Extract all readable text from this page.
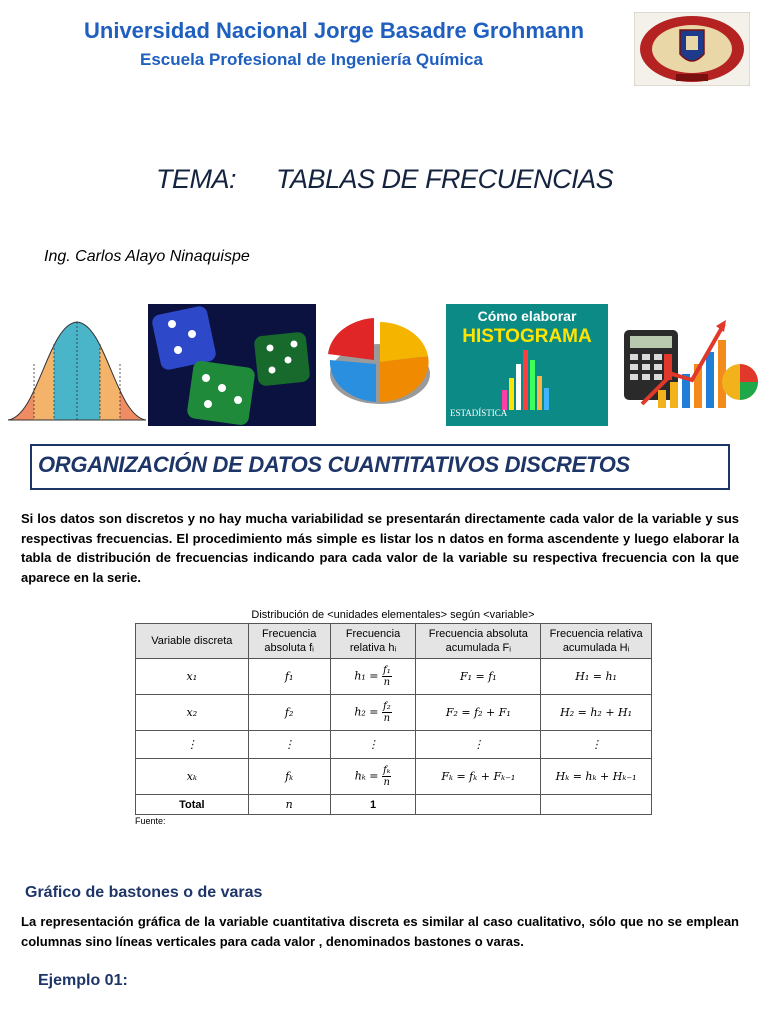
Universidad Nacional Jorge Basadre Grohmann
Escuela Profesional de Ingeniería Química
TEMA: TABLAS DE FRECUENCIAS
Ing. Carlos Alayo Ninaquispe
Cómo elaborar
HISTOGRAMA
ESTADÍSTICA
ORGANIZACIÓN DE DATOS CUANTITATIVOS DISCRETOS
Si los datos son discretos y no hay mucha variabilidad se presentarán directamente cada valor de la variable y sus respectivas frecuencias. El procedimiento más simple es listar los n datos en forma ascendente y luego elaborar la tabla de distribución de frecuencias indicando para cada valor de la variable su respectiva frecuencia con la que aparece en la serie.
Distribución de <unidades elementales> según <variable>
Variable discreta	Frecuencia absoluta fᵢ	Frecuencia relativa hᵢ	Frecuencia absoluta acumulada Fᵢ	Frecuencia relativa acumulada Hᵢ
x₁	f₁	$h_1 = \frac{\text{f₁}}{n}$	F₁ = f₁	H₁ = h₁
x₂	f₂	$h_2 = \frac{\text{f₂}}{n}$	F₂ = f₂ + F₁	H₂ = h₂ + H₁
⋮	⋮	⋮	⋮	⋮
xₖ	fₖ	$h_k = \frac{\text{fₖ}}{n}$	Fₖ = fₖ + Fₖ₋₁	Hₖ = hₖ + Hₖ₋₁
Total	n	1		
Fuente:
Gráfico de bastones o de varas
La representación gráfica de la variable cuantitativa discreta es similar al caso cualitativo, sólo que no se emplean columnas sino líneas verticales para cada valor , denominados bastones o varas.
Ejemplo 01:
